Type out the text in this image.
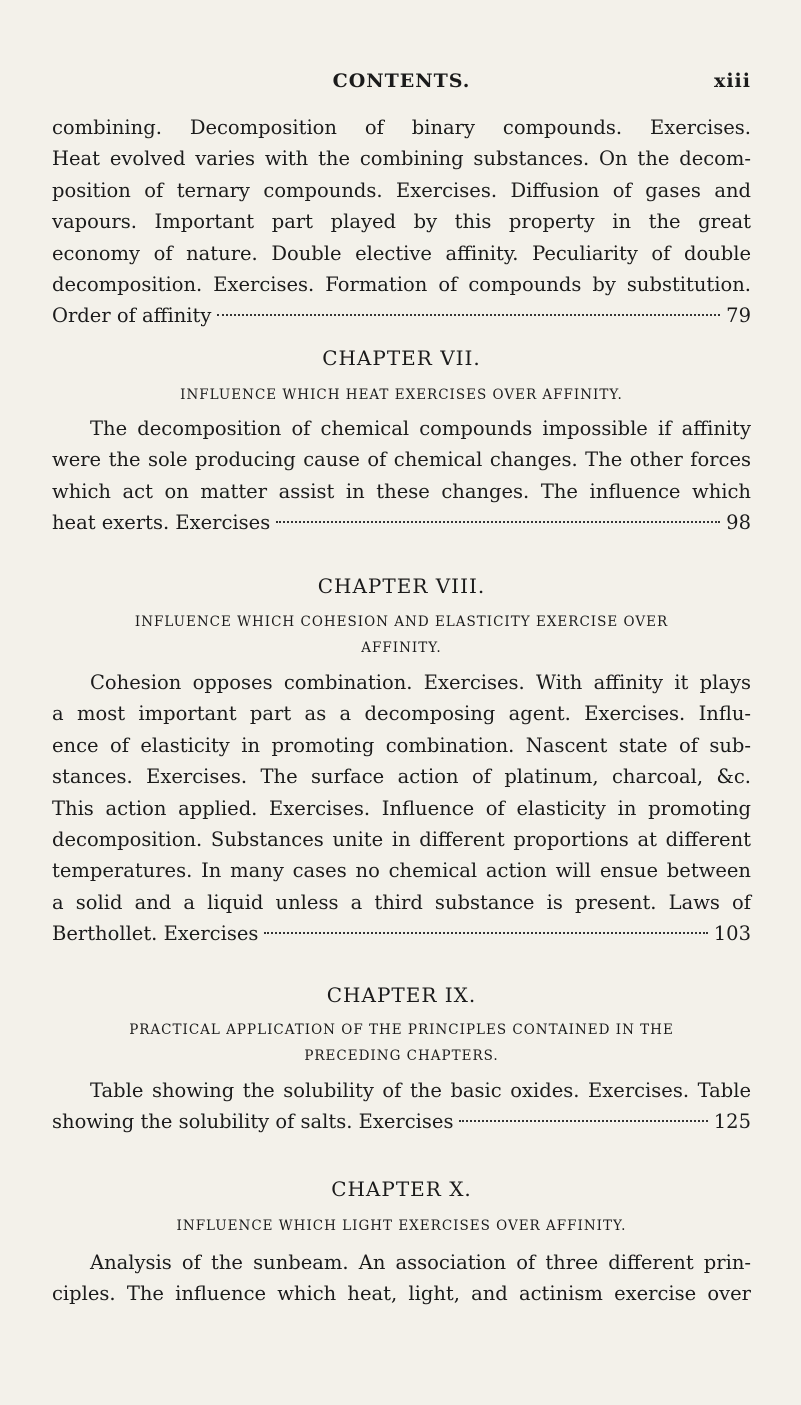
CONTENTS.	xiii
combining. Decomposition of binary compounds. Exercises.
Heat evolved varies with the combining substances. On the decom-
position of ternary compounds. Exercises. Diffusion of gases and
vapours. Important part played by this property in the great
economy of nature. Double elective affinity. Peculiarity of double
decomposition. Exercises. Formation of compounds by substitution.
Order of affinity	79
CHAPTER VII.
INFLUENCE WHICH HEAT EXERCISES OVER AFFINITY.
The decomposition of chemical compounds impossible if affinity
were the sole producing cause of chemical changes. The other forces
which act on matter assist in these changes. The influence which
heat exerts. Exercises	98
CHAPTER VIII.
INFLUENCE WHICH COHESION AND ELASTICITY EXERCISE OVER
AFFINITY.
Cohesion opposes combination. Exercises. With affinity it plays
a most important part as a decomposing agent. Exercises. Influ-
ence of elasticity in promoting combination. Nascent state of sub-
stances. Exercises. The surface action of platinum, charcoal, &c.
This action applied. Exercises. Influence of elasticity in promoting
decomposition. Substances unite in different proportions at different
temperatures. In many cases no chemical action will ensue between
a solid and a liquid unless a third substance is present. Laws of
Berthollet. Exercises	103
CHAPTER IX.
PRACTICAL APPLICATION OF THE PRINCIPLES CONTAINED IN THE
PRECEDING CHAPTERS.
Table showing the solubility of the basic oxides. Exercises. Table
showing the solubility of salts. Exercises	125
CHAPTER X.
INFLUENCE WHICH LIGHT EXERCISES OVER AFFINITY.
Analysis of the sunbeam. An association of three different prin-
ciples. The influence which heat, light, and actinism exercise over
